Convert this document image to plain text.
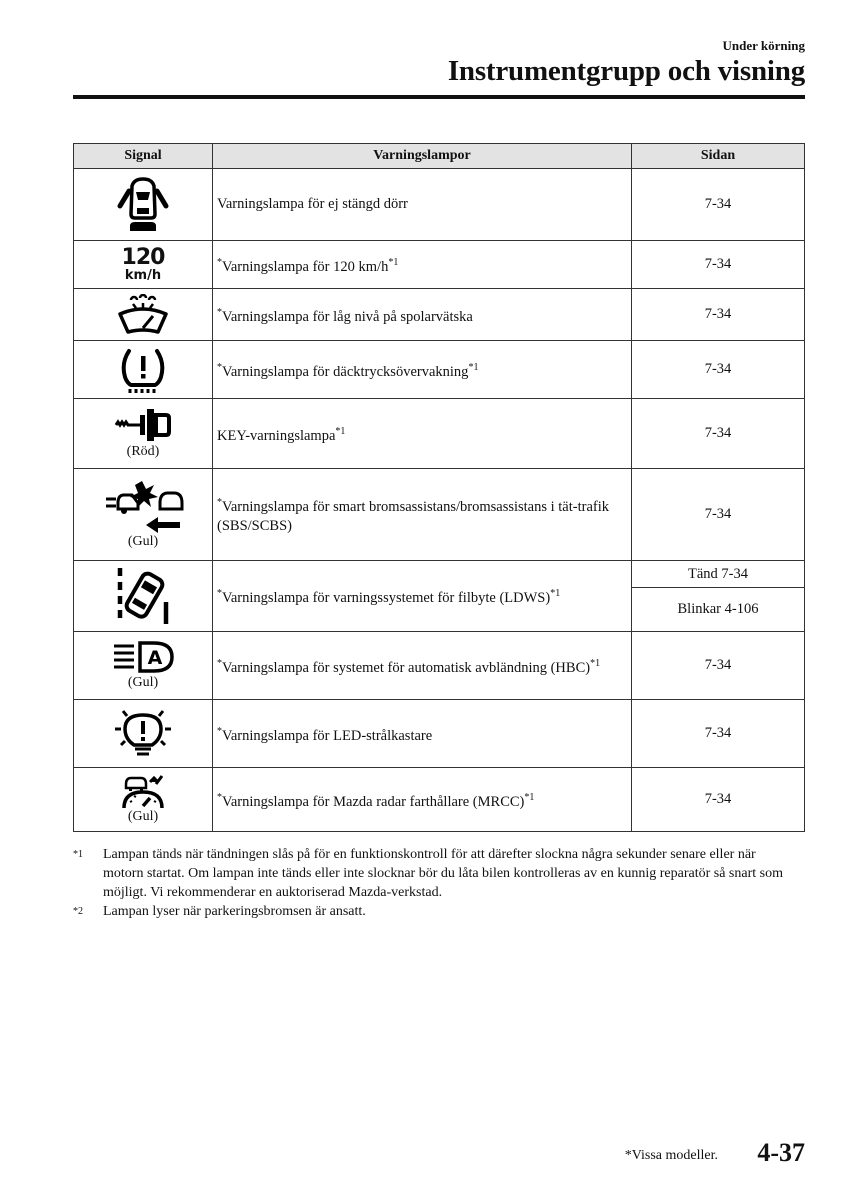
Under körning
Instrumentgrupp och visning
Signal	Varningslampor	Sidan

	Varningslampa för ej stängd dörr	7-34

120
km/h	*Varningslampa för 120 $km/h^{*1}$	7-34

	*Varningslampa för låg nivå på spolarvätska	7-34

	*Varningslampa för däcktrycksövervakning$^{*1}$	7-34

(Röd)	KEY-varningslampa$^{*1}$	7-34

(Gul)	*Varningslampa för smart bromsassistans/bromsassistans i tät-trafik (SBS/SCBS)	7-34

	*Varningslampa för varningssystemet för filbyte (LDWS)$^{*1}$	Tänd 7-34
		Blinkar 4-106

A
(Gul)	*Varningslampa för systemet för automatisk avbländning (HBC)$^{*1}$	7-34

	*Varningslampa för LED-strålkastare	7-34

(Gul)	*Varningslampa för Mazda radar farthållare (MRCC)$^{*1}$	7-34
*1 Lampan tänds när tändningen slås på för en funktionskontroll för att därefter slockna några sekunder senare eller när motorn startat. Om lampan inte tänds eller inte slocknar bör du låta bilen kontrolleras av en kunnig reparatör så snart som möjligt. Vi rekommenderar en auktoriserad Mazda-verkstad.
*2 Lampan lyser när parkeringsbromsen är ansatt.
*Vissa modeller. 4-37
